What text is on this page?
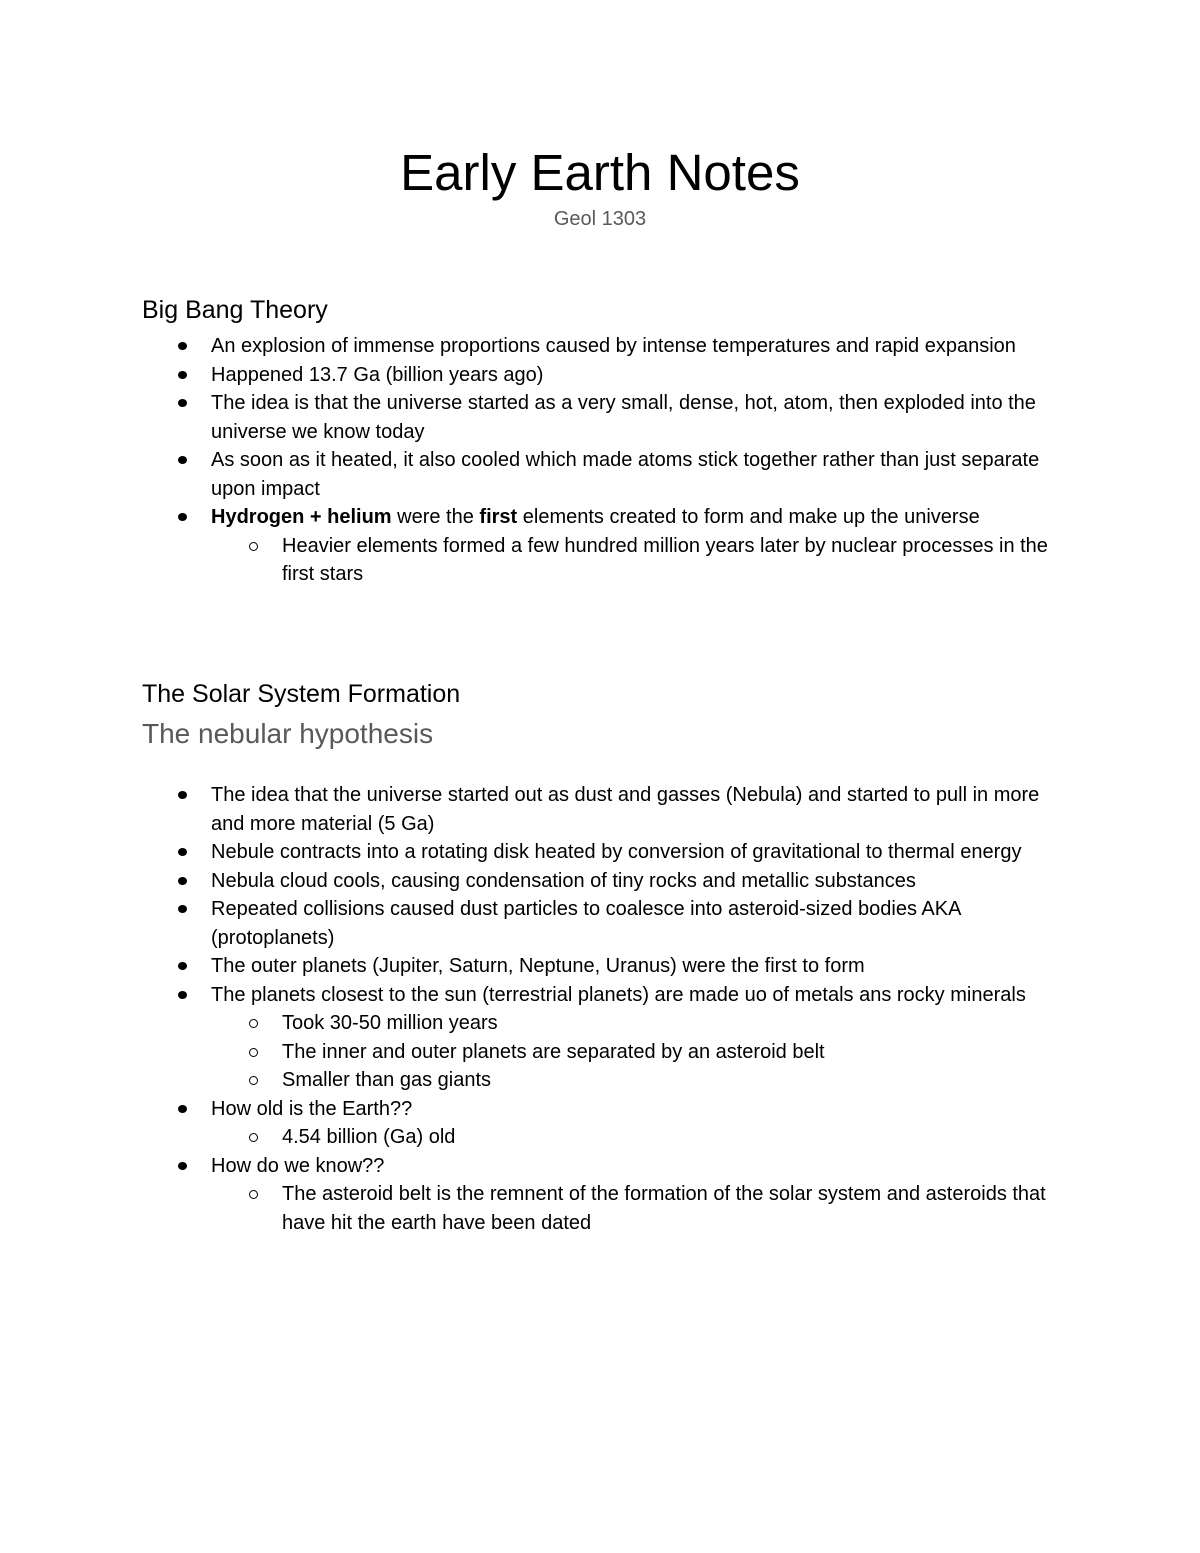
Early Earth Notes

Geol 1303

Big Bang Theory
An explosion of immense proportions caused by intense temperatures and rapid expansion
Happened 13.7 Ga (billion years ago)
The idea is that the universe started as a very small, dense, hot, atom, then exploded into the universe we know today
As soon as it heated, it also cooled which made atoms stick together rather than just separate upon impact
Hydrogen + helium were the first elements created to form and make up the universe
Heavier elements formed a few hundred million years later by nuclear processes in the first stars
The Solar System Formation
The nebular hypothesis
The idea that the universe started out as dust and gasses (Nebula) and started to pull in more and more material (5 Ga)
Nebule contracts into a rotating disk heated by conversion of gravitational to thermal energy
Nebula cloud cools, causing condensation of tiny rocks and metallic substances
Repeated collisions caused dust particles to coalesce into asteroid-sized bodies AKA (protoplanets)
The outer planets (Jupiter, Saturn, Neptune, Uranus) were the first to form
The planets closest to the sun (terrestrial planets) are made uo of metals ans rocky minerals
Took 30-50 million years
The inner and outer planets are separated by an asteroid belt
Smaller than gas giants
How old is the Earth??
4.54 billion (Ga) old
How do we know??
The asteroid belt is the remnent of the formation of the solar system and asteroids that have hit the earth have been dated
